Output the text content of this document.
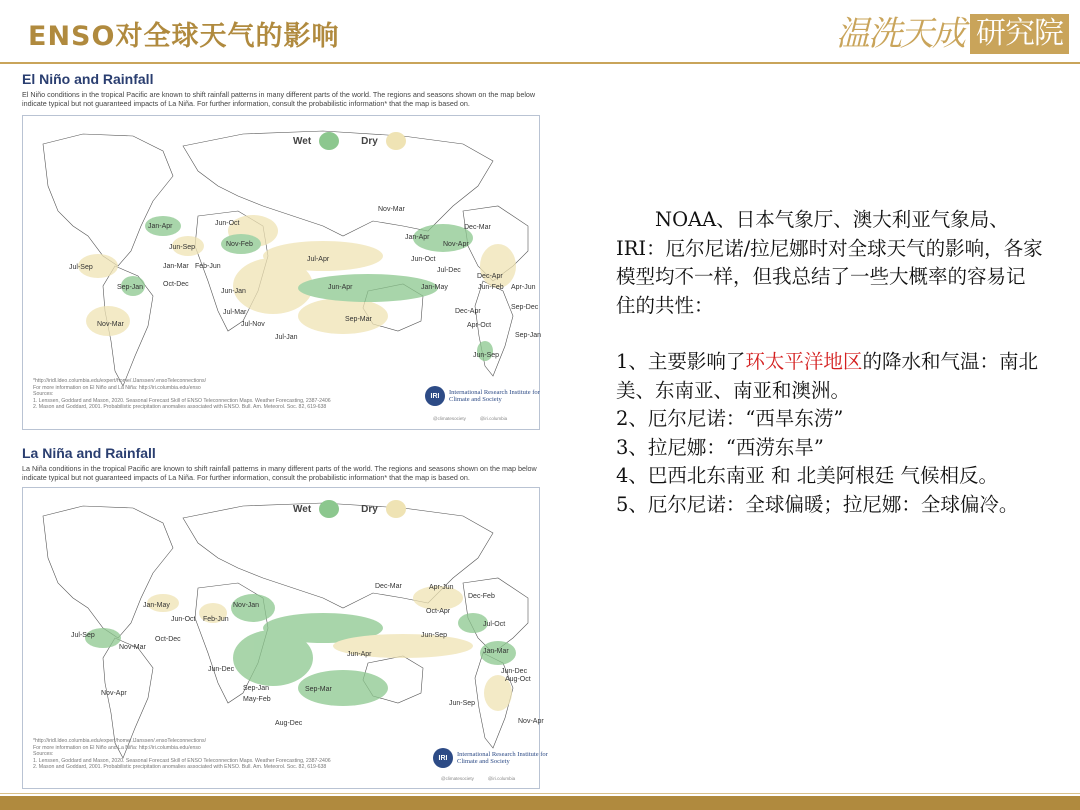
ENSO对全球天气的影响	温洗天成 研究院
El Niño and Rainfall
El Niño conditions in the tropical Pacific are known to shift rainfall patterns in many different parts of the world. The regions and seasons shown on the map below indicate typical but not guaranteed impacts of La Niña. For further information, consult the probabilistic information* that the map is based on.
Wet	Dry
Nov-Mar
Jan-Apr	Jun-Oct
Jun-Sep	Nov-Feb
Jan-Mar Feb-Jun
Oct-Dec
Jul-Sep
Sep-Jan
Jun-Jan
Jul-Mar
Jul-Nov
Nov-Mar
Jul-Jan
Jul-Apr
Jun-Apr
Sep-Mar
Jan-Apr
Nov-Apr
Dec-Mar
Jun-Oct
Jul-Dec
Jan-May
Dec-Apr
Jun-Feb Apr-Jun
Sep-Dec
Dec-Apr
Apr-Oct
Sep-Jan
Jun-Sep
*http://iridl.ldeo.columbia.edu/expert/home/.lJanssen/.ensoTeleconnections/
For more information on El Niño and La Niña: http://iri.columbia.edu/enso
Sources:
1. Lenssen, Goddard and Mason, 2020. Seasonal Forecast Skill of ENSO Teleconnection Maps. Weather Forecasting, 2387-2406
2. Mason and Goddard, 2001. Probabilistic precipitation anomalies associated with ENSO. Bull. Am. Meteorol. Soc. 82, 619-638
IRI	International Research Institute for Climate and Society
@climatesociety	@iri.columbia
La Niña and Rainfall
La Niña conditions in the tropical Pacific are known to shift rainfall patterns in many different parts of the world. The regions and seasons shown on the map below indicate typical but not guaranteed impacts of La Niña. For further information, consult the probabilistic information* that the map is based on.
Wet	Dry
Dec-Mar	Apr-Jun
Dec-Feb
Jan-May	Nov-Jan
Oct-Apr
Jun-Oct Feb-Jun
Jul-Oct
Jul-Sep
Oct-Dec
Nov-Mar
Nov-Apr
Jun-Sep
Jan-Mar
Jun-Dec
Jun-Apr
Sep-Jan
May-Feb
Sep-Mar
Aug-Dec
Aug-Oct
Jun-Sep
Jun-Dec
Nov-Apr
*http://iridl.ldeo.columbia.edu/expert/home/.lJanssen/.ensoTeleconnections/
For more information on El Niño and La Niña: http://iri.columbia.edu/enso
Sources:
1. Lenssen, Goddard and Mason, 2020. Seasonal Forecast Skill of ENSO Teleconnection Maps. Weather Forecasting, 2387-2406
2. Mason and Goddard, 2001. Probabilistic precipitation anomalies associated with ENSO. Bull. Am. Meteorol. Soc. 82, 619-638
IRI	International Research Institute for Climate and Society
@climatesociety	@iri.columbia

NOAA、日本气象厅、澳大利亚气象局、IRI：厄尔尼诺/拉尼娜时对全球天气的影响，各家模型均不一样，但我总结了一些大概率的容易记住的共性：

1、主要影响了环太平洋地区的降水和气温：南北美、东南亚、南亚和澳洲。

2、厄尔尼诺：“西旱东涝”

3、拉尼娜：“西涝东旱”

4、巴西北东南亚 和 北美阿根廷 气候相反。

5、厄尔尼诺：全球偏暖；拉尼娜：全球偏冷。
